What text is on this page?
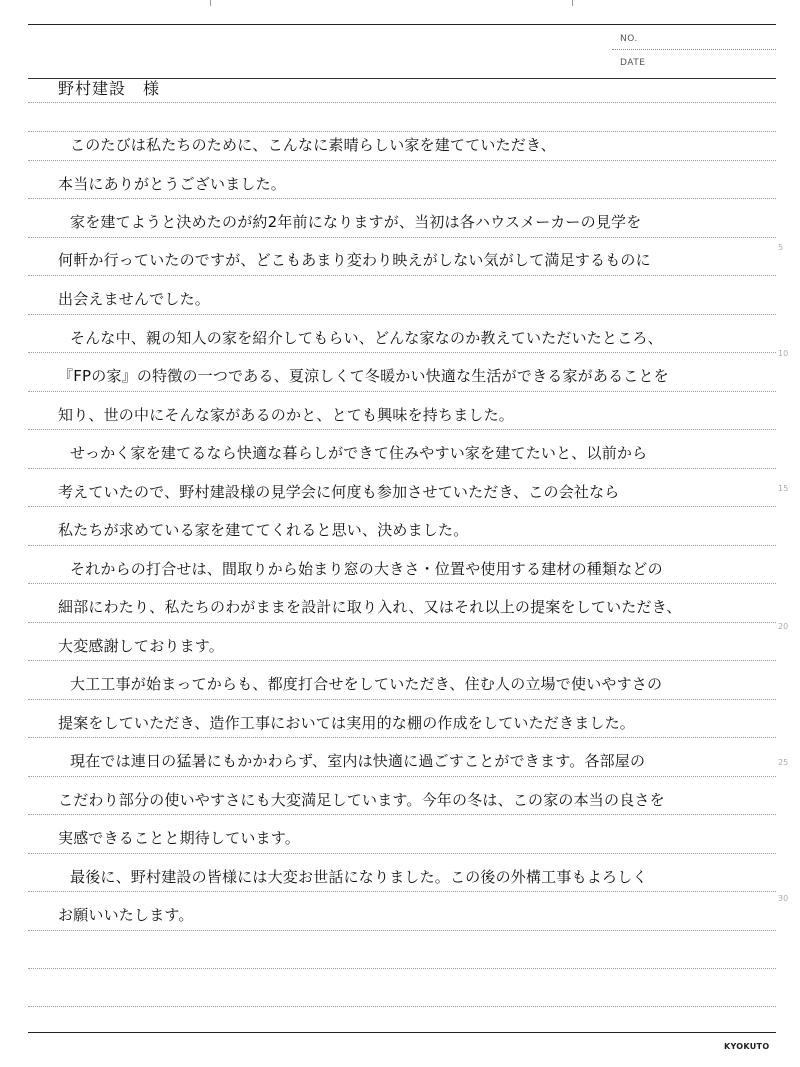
NO.
DATE
野村建設　様
このたびは私たちのために、こんなに素晴らしい家を建てていただき、
本当にありがとうございました。
家を建てようと決めたのが約2年前になりますが、当初は各ハウスメーカーの見学を
何軒か行っていたのですが、どこもあまり変わり映えがしない気がして満足するものに
出会えませんでした。
そんな中、親の知人の家を紹介してもらい、どんな家なのか教えていただいたところ、
『FPの家』の特徴の一つである、夏涼しくて冬暖かい快適な生活ができる家があることを
知り、世の中にそんな家があるのかと、とても興味を持ちました。
せっかく家を建てるなら快適な暮らしができて住みやすい家を建てたいと、以前から
考えていたので、野村建設様の見学会に何度も参加させていただき、この会社なら
私たちが求めている家を建ててくれると思い、決めました。
それからの打合せは、間取りから始まり窓の大きさ・位置や使用する建材の種類などの
細部にわたり、私たちのわがままを設計に取り入れ、又はそれ以上の提案をしていただき、
大変感謝しております。
大工工事が始まってからも、都度打合せをしていただき、住む人の立場で使いやすさの
提案をしていただき、造作工事においては実用的な棚の作成をしていただきました。
現在では連日の猛暑にもかかわらず、室内は快適に過ごすことができます。各部屋の
こだわり部分の使いやすさにも大変満足しています。今年の冬は、この家の本当の良さを
実感できることと期待しています。
最後に、野村建設の皆様には大変お世話になりました。この後の外構工事もよろしく
お願いいたします。
5
10
15
20
25
30
KYOKUTO
